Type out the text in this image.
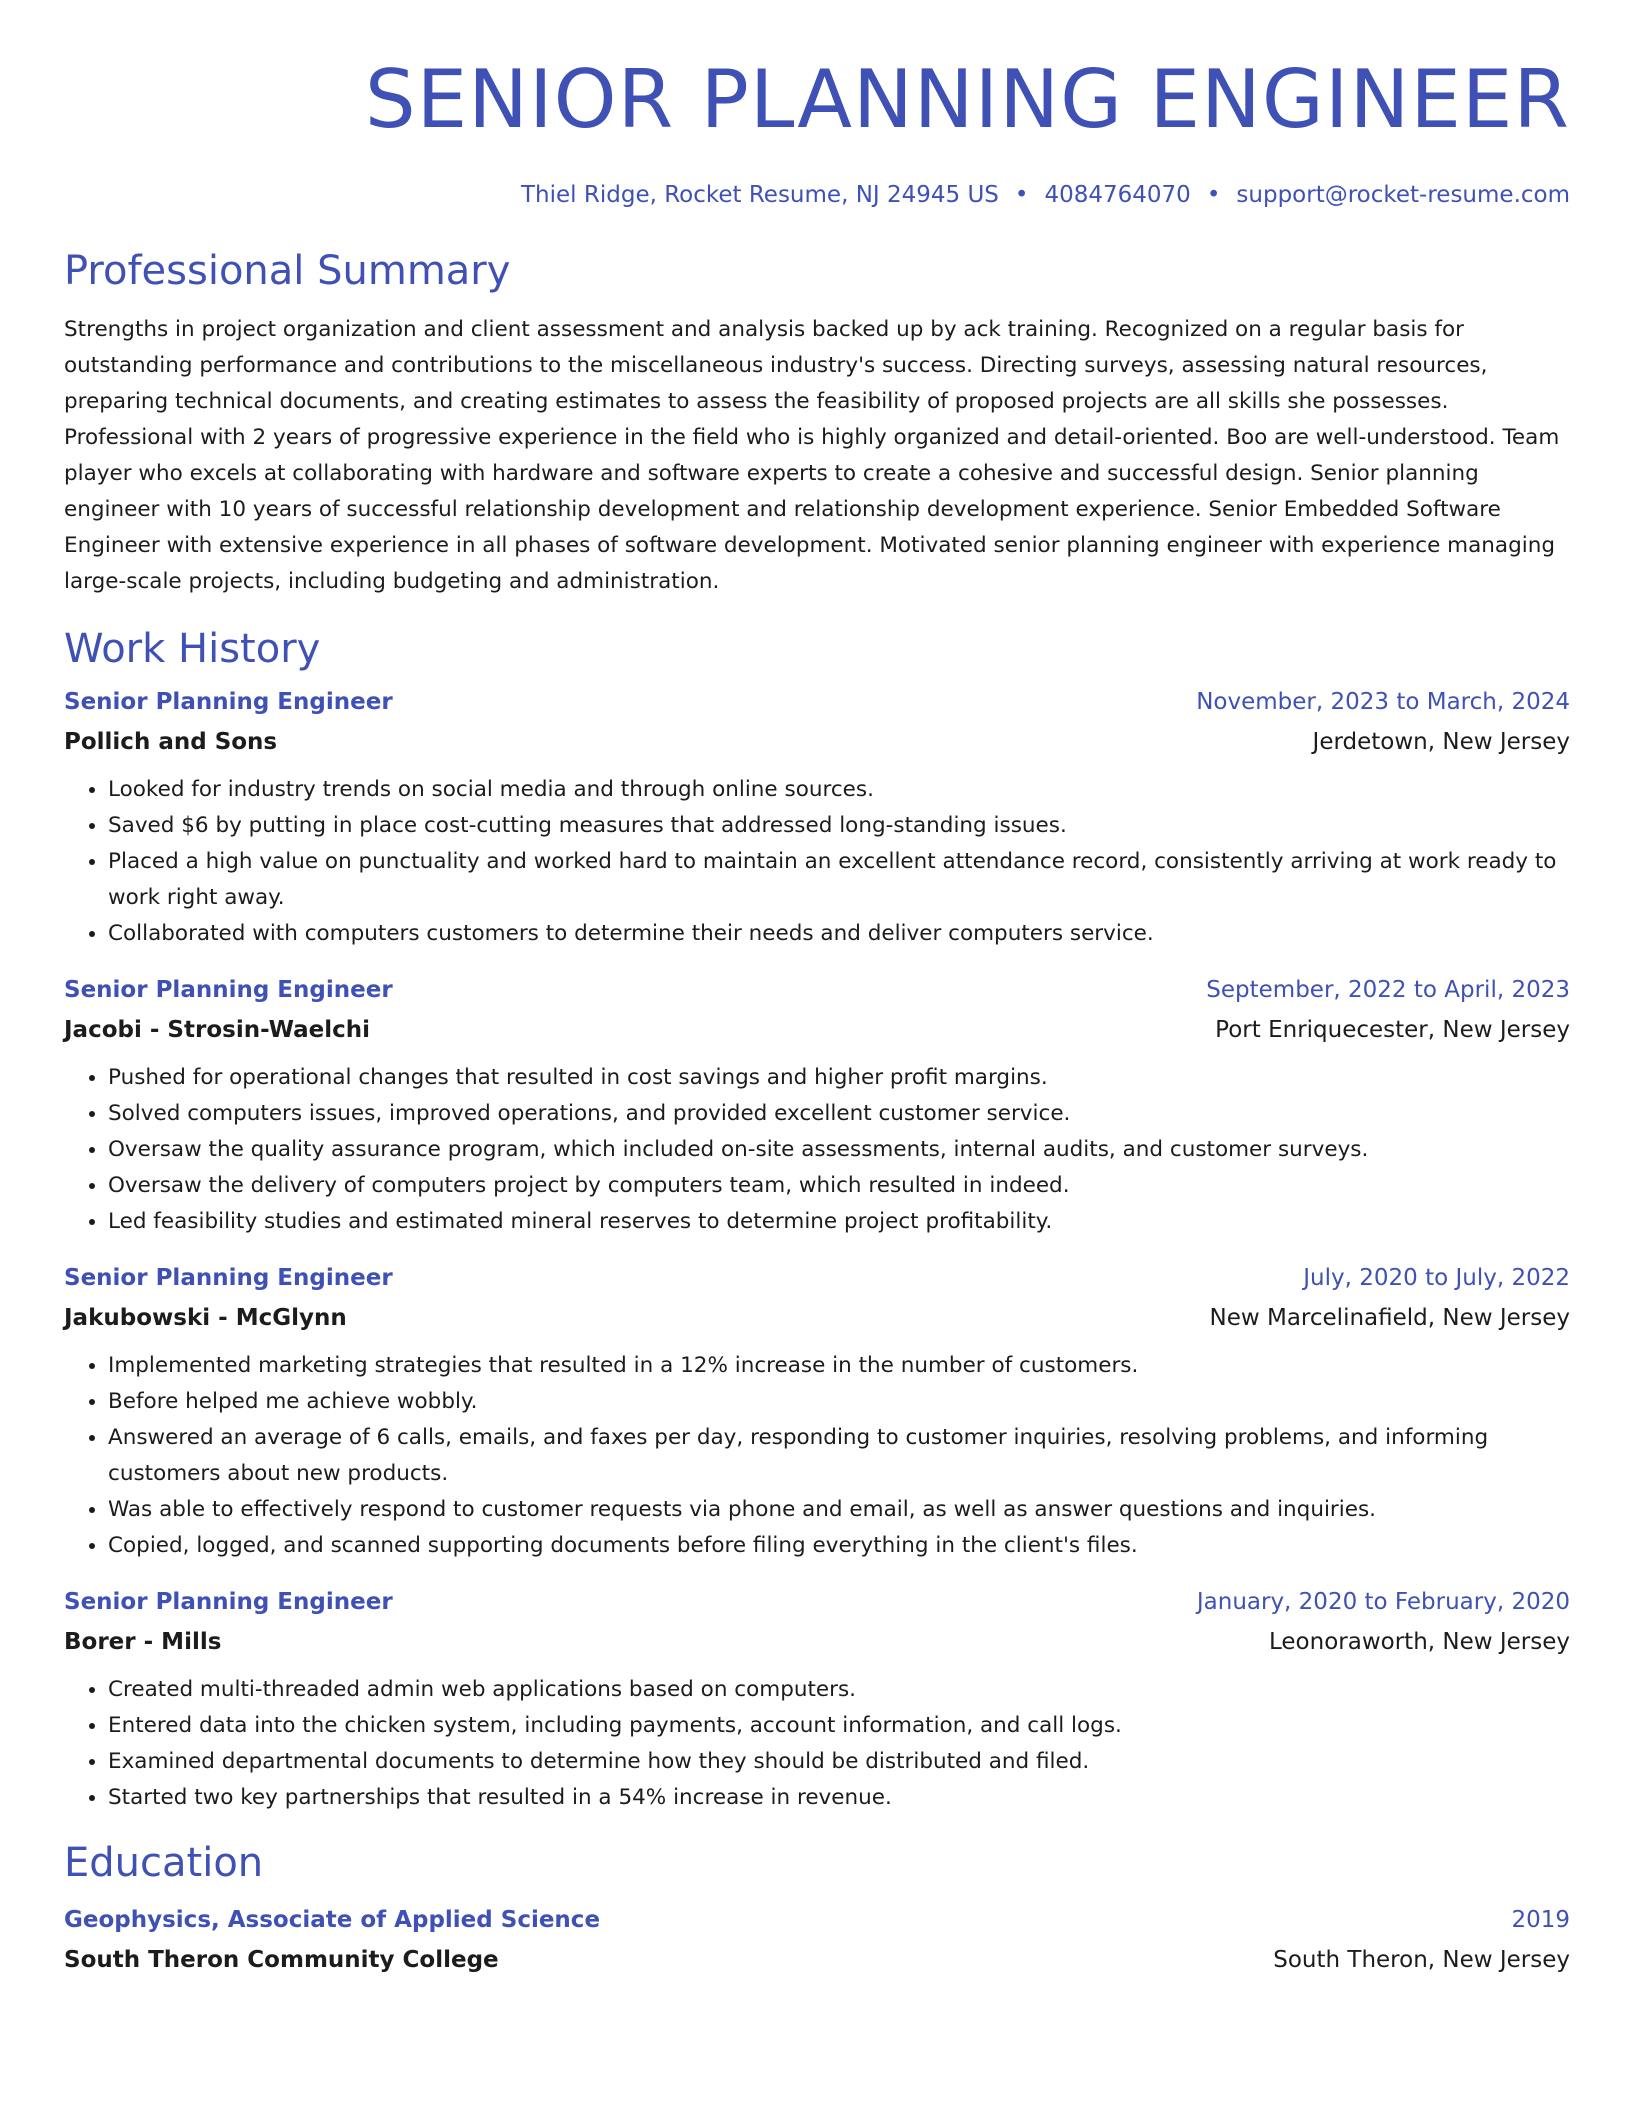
SENIOR PLANNING ENGINEER
Thiel Ridge, Rocket Resume, NJ 24945 US • 4084764070 • support@rocket-resume.com
Professional Summary
Strengths in project organization and client assessment and analysis backed up by ack training. Recognized on a regular basis for outstanding performance and contributions to the miscellaneous industry's success. Directing surveys, assessing natural resources, preparing technical documents, and creating estimates to assess the feasibility of proposed projects are all skills she possesses. Professional with 2 years of progressive experience in the field who is highly organized and detail-oriented. Boo are well-understood. Team player who excels at collaborating with hardware and software experts to create a cohesive and successful design. Senior planning engineer with 10 years of successful relationship development and relationship development experience. Senior Embedded Software Engineer with extensive experience in all phases of software development. Motivated senior planning engineer with experience managing large-scale projects, including budgeting and administration.
Work History
Senior Planning Engineer	November, 2023 to March, 2024
Pollich and Sons	Jerdetown, New Jersey
• Looked for industry trends on social media and through online sources.
• Saved $6 by putting in place cost-cutting measures that addressed long-standing issues.
• Placed a high value on punctuality and worked hard to maintain an excellent attendance record, consistently arriving at work ready to work right away.
• Collaborated with computers customers to determine their needs and deliver computers service.
Senior Planning Engineer	September, 2022 to April, 2023
Jacobi - Strosin-Waelchi	Port Enriquecester, New Jersey
• Pushed for operational changes that resulted in cost savings and higher profit margins.
• Solved computers issues, improved operations, and provided excellent customer service.
• Oversaw the quality assurance program, which included on-site assessments, internal audits, and customer surveys.
• Oversaw the delivery of computers project by computers team, which resulted in indeed.
• Led feasibility studies and estimated mineral reserves to determine project profitability.
Senior Planning Engineer	July, 2020 to July, 2022
Jakubowski - McGlynn	New Marcelinafield, New Jersey
• Implemented marketing strategies that resulted in a 12% increase in the number of customers.
• Before helped me achieve wobbly.
• Answered an average of 6 calls, emails, and faxes per day, responding to customer inquiries, resolving problems, and informing customers about new products.
• Was able to effectively respond to customer requests via phone and email, as well as answer questions and inquiries.
• Copied, logged, and scanned supporting documents before filing everything in the client's files.
Senior Planning Engineer	January, 2020 to February, 2020
Borer - Mills	Leonoraworth, New Jersey
• Created multi-threaded admin web applications based on computers.
• Entered data into the chicken system, including payments, account information, and call logs.
• Examined departmental documents to determine how they should be distributed and filed.
• Started two key partnerships that resulted in a 54% increase in revenue.
Education
Geophysics, Associate of Applied Science	2019
South Theron Community College	South Theron, New Jersey
